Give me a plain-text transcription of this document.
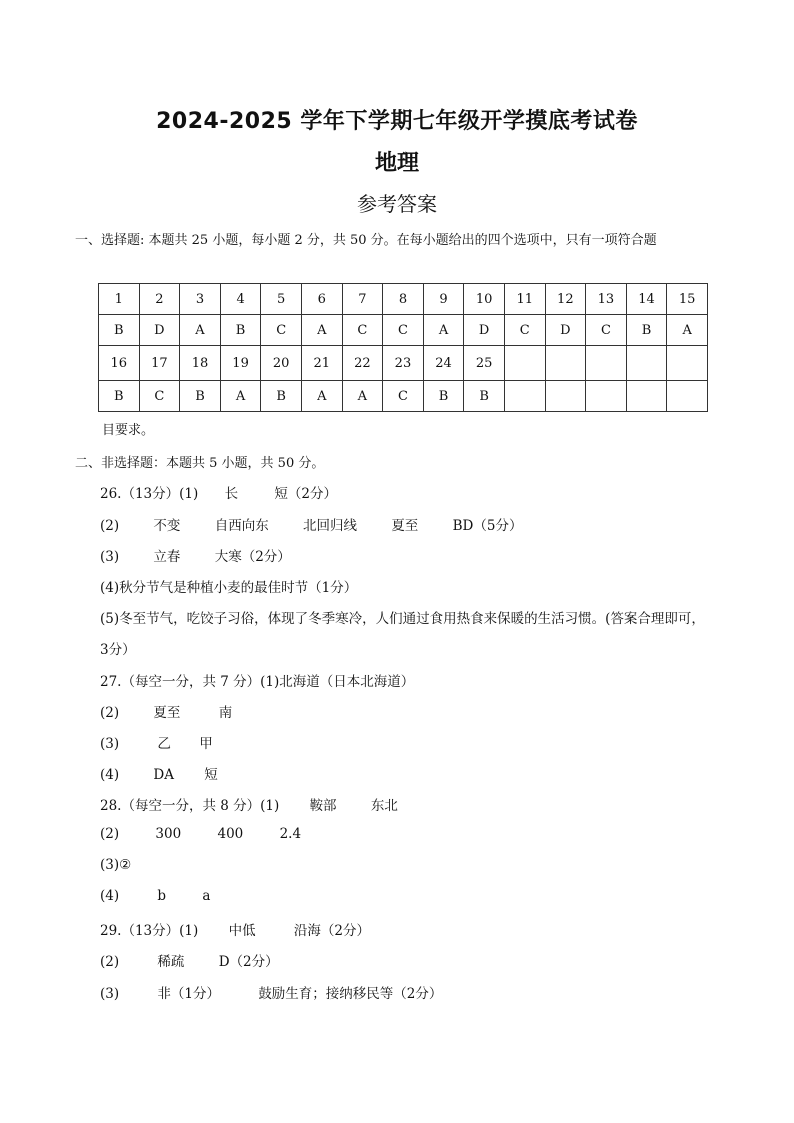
2024-2025 学年下学期七年级开学摸底考试卷
地理
参考答案
一、选择题: 本题共 25 小题，每小题 2 分，共 50 分。在每小题给出的四个选项中，只有一项符合题
1	2	3	4	5	6	7	8	9	10	11	12	13	14	15
B	D	A	B	C	A	C	C	A	D	C	D	C	B	A
16	17	18	19	20	21	22	23	24	25					
B	C	B	A	B	A	A	C	B	B					
目要求。
二、非选择题：本题共 5 小题，共 50 分。
26.（13分）(1) 长	短（2分）
(2)	不变	自西向东	北回归线	夏至	BD（5分）
(3)	立春	大寒（2分）
(4)秋分节气是种植小麦的最佳时节（1分）
(5)冬至节气，吃饺子习俗，体现了冬季寒冷，人们通过食用热食来保暖的生活习惯。(答案合理即可，
3分）
27.（每空一分，共 7 分）(1)北海道（日本北海道）
(2)	夏至	南
(3)	乙 甲
(4)	DA 短
28.（每空一分，共 8 分）(1) 鞍部	东北
(2)	300	400	2.4
(3)②
(4)	b	a
29.（13分）(1) 中低	沿海（2分）
(2)	稀疏	D（2分）
(3)	非（1分）	鼓励生育；接纳移民等（2分）
